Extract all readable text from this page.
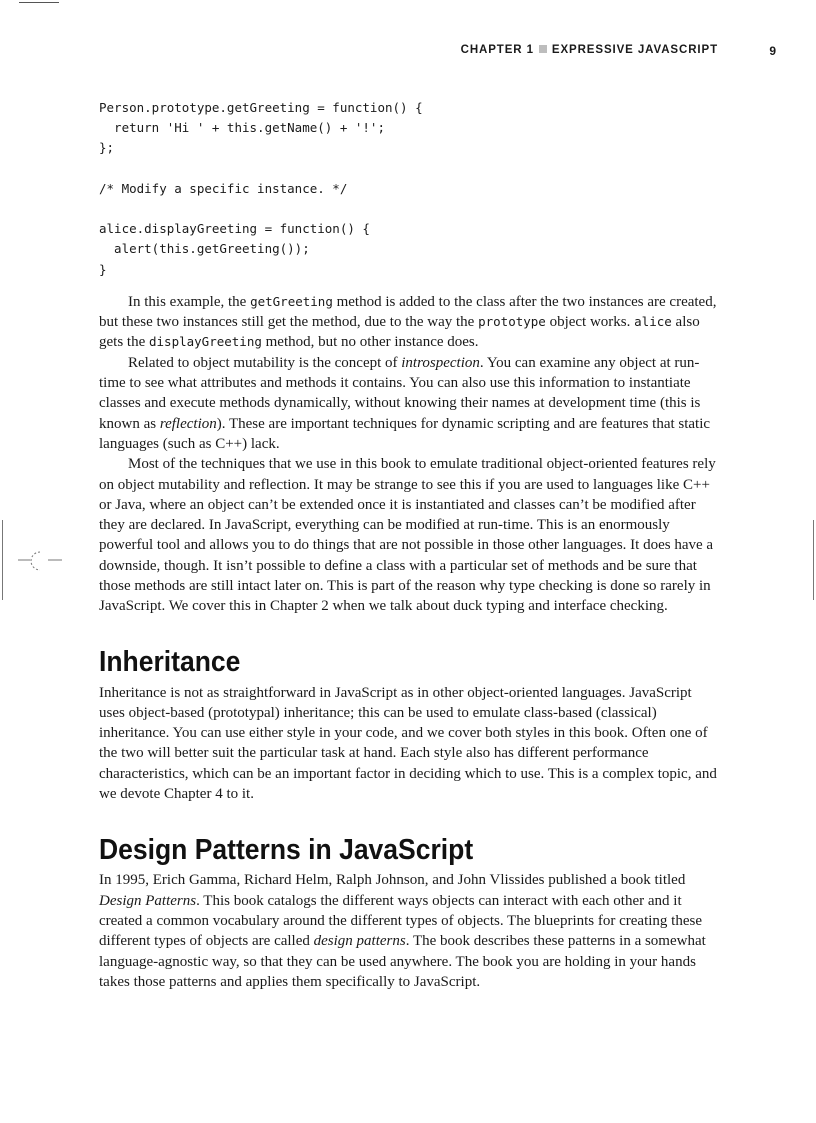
CHAPTER 1 EXPRESSIVE JAVASCRIPT	9
Person.prototype.getGreeting = function() {
return 'Hi ' + this.getName() + '!';
};

/* Modify a specific instance. */

alice.displayGreeting = function() {
alert(this.getGreeting());
}

In this example, the getGreeting method is added to the class after the two instances are created, but these two instances still get the method, due to the way the prototype object works. alice also gets the displayGreeting method, but no other instance does.

Related to object mutability is the concept of introspection. You can examine any object at run-time to see what attributes and methods it contains. You can also use this information to instantiate classes and execute methods dynamically, without knowing their names at development time (this is known as reflection). These are important techniques for dynamic scripting and are features that static languages (such as C++) lack.

Most of the techniques that we use in this book to emulate traditional object-oriented features rely on object mutability and reflection. It may be strange to see this if you are used to languages like C++ or Java, where an object can’t be extended once it is instantiated and classes can’t be modified after they are declared. In JavaScript, everything can be modified at run-time. This is an enormously powerful tool and allows you to do things that are not possible in those other languages. It does have a downside, though. It isn’t possible to define a class with a particular set of methods and be sure that those methods are still intact later on. This is part of the reason why type checking is done so rarely in JavaScript. We cover this in Chapter 2 when we talk about duck typing and interface checking.

Inheritance

Inheritance is not as straightforward in JavaScript as in other object-oriented languages. JavaScript uses object-based (prototypal) inheritance; this can be used to emulate class-based (classical) inheritance. You can use either style in your code, and we cover both styles in this book. Often one of the two will better suit the particular task at hand. Each style also has different performance characteristics, which can be an important factor in deciding which to use. This is a complex topic, and we devote Chapter 4 to it.

Design Patterns in JavaScript

In 1995, Erich Gamma, Richard Helm, Ralph Johnson, and John Vlissides published a book titled Design Patterns. This book catalogs the different ways objects can interact with each other and it created a common vocabulary around the different types of objects. The blueprints for creating these different types of objects are called design patterns. The book describes these patterns in a somewhat language-agnostic way, so that they can be used anywhere. The book you are holding in your hands takes those patterns and applies them specifically to JavaScript.
